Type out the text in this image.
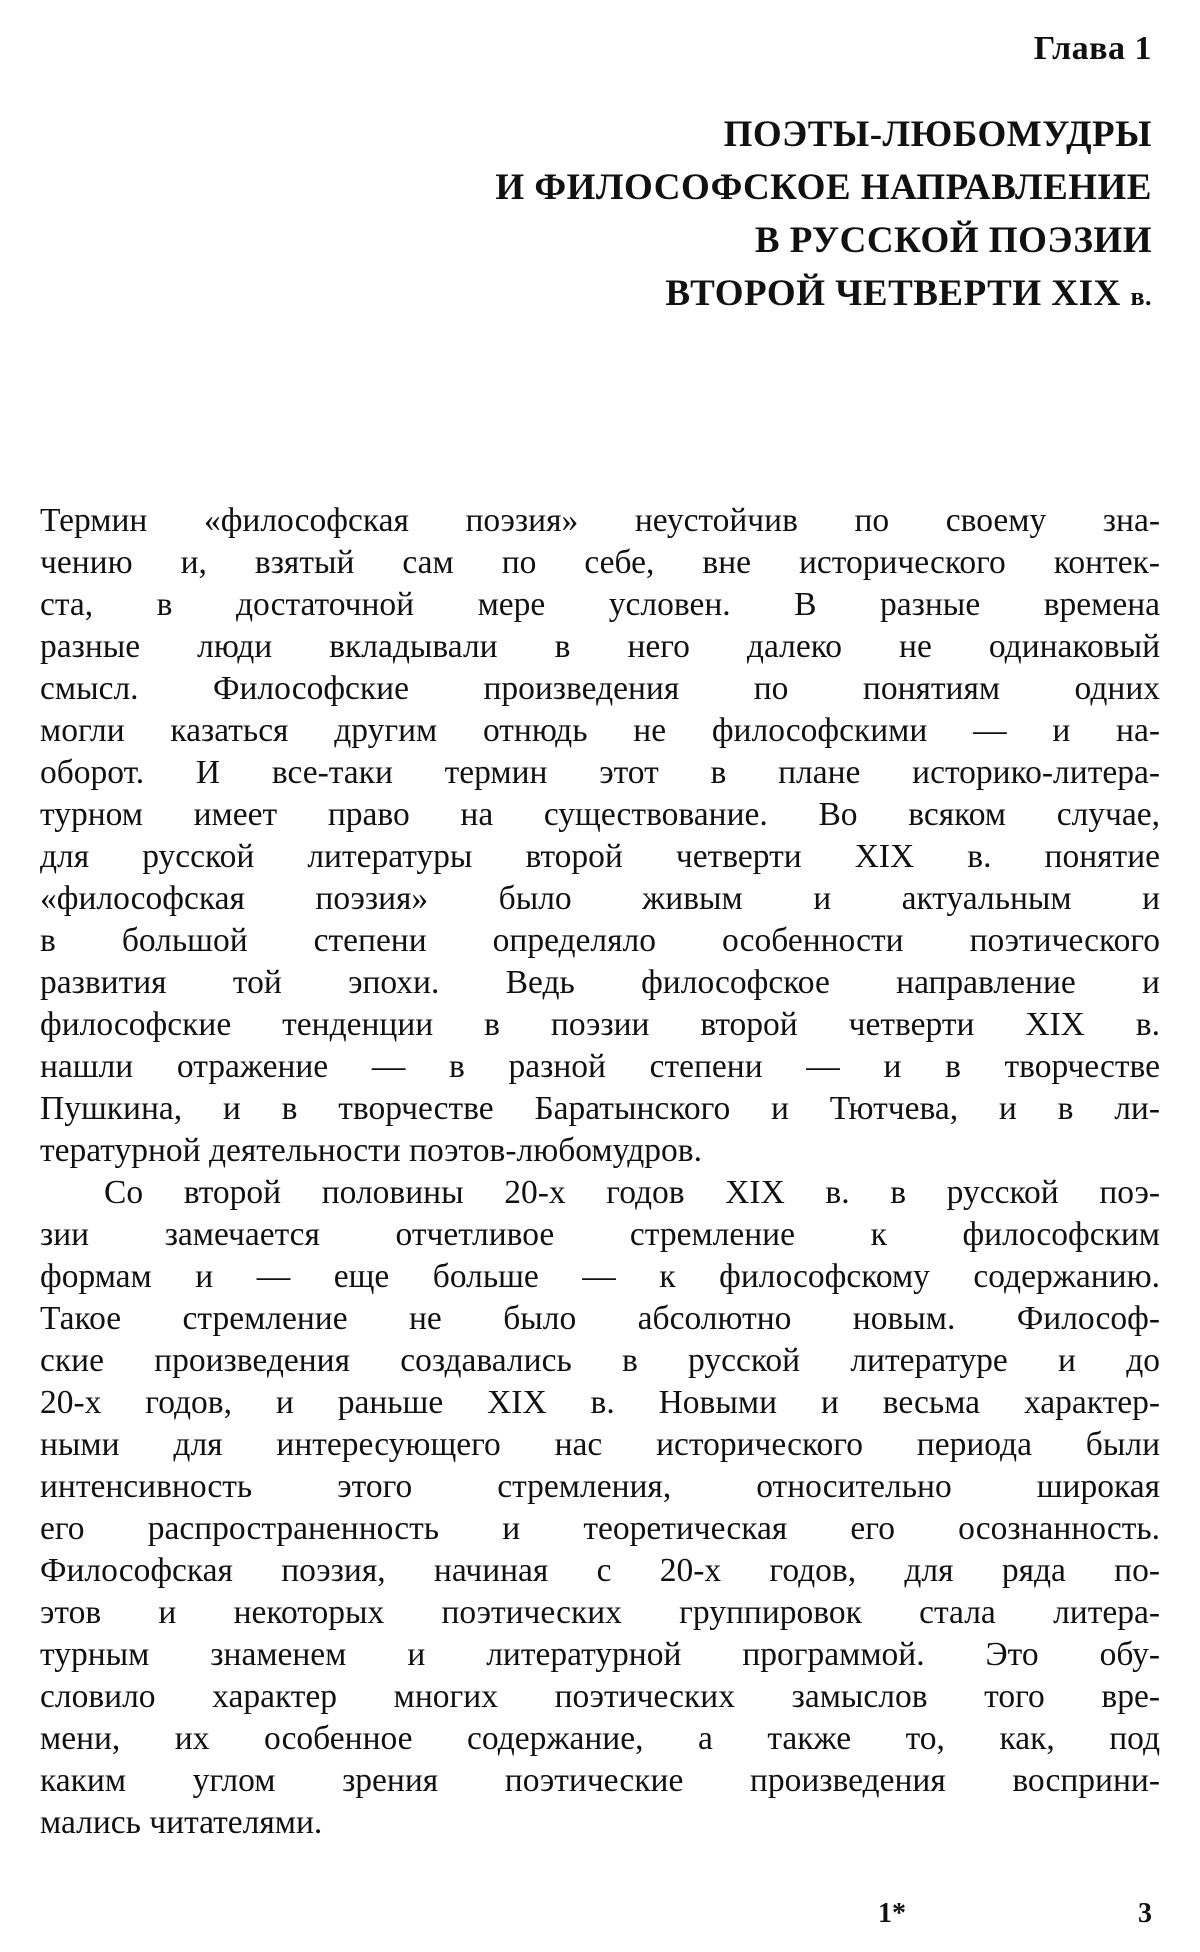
Глава 1
ПОЭТЫ-ЛЮБОМУДРЫ
И ФИЛОСОФСКОЕ НАПРАВЛЕНИЕ
В РУССКОЙ ПОЭЗИИ
ВТОРОЙ ЧЕТВЕРТИ XIX в.
Термин «философская поэзия» неустойчив по своему зна-
чению и, взятый сам по себе, вне исторического контек-
ста, в достаточной мере условен. В разные времена
разные люди вкладывали в него далеко не одинаковый
смысл. Философские произведения по понятиям одних
могли казаться другим отнюдь не философскими — и на-
оборот. И все-таки термин этот в плане историко-литера-
турном имеет право на существование. Во всяком случае,
для русской литературы второй четверти XIX в. понятие
«философская поэзия» было живым и актуальным и
в большой степени определяло особенности поэтического
развития той эпохи. Ведь философское направление и
философские тенденции в поэзии второй четверти XIX в.
нашли отражение — в разной степени — и в творчестве
Пушкина, и в творчестве Баратынского и Тютчева, и в ли-
тературной деятельности поэтов-любомудров.
Со второй половины 20-х годов XIX в. в русской поэ-
зии замечается отчетливое стремление к философским
формам и — еще больше — к философскому содержанию.
Такое стремление не было абсолютно новым. Философ-
ские произведения создавались в русской литературе и до
20-х годов, и раньше XIX в. Новыми и весьма характер-
ными для интересующего нас исторического периода были
интенсивность этого стремления, относительно широкая
его распространенность и теоретическая его осознанность.
Философская поэзия, начиная с 20-х годов, для ряда по-
этов и некоторых поэтических группировок стала литера-
турным знаменем и литературной программой. Это обу-
словило характер многих поэтических замыслов того вре-
мени, их особенное содержание, а также то, как, под
каким углом зрения поэтические произведения восприни-
мались читателями.
1*	3
